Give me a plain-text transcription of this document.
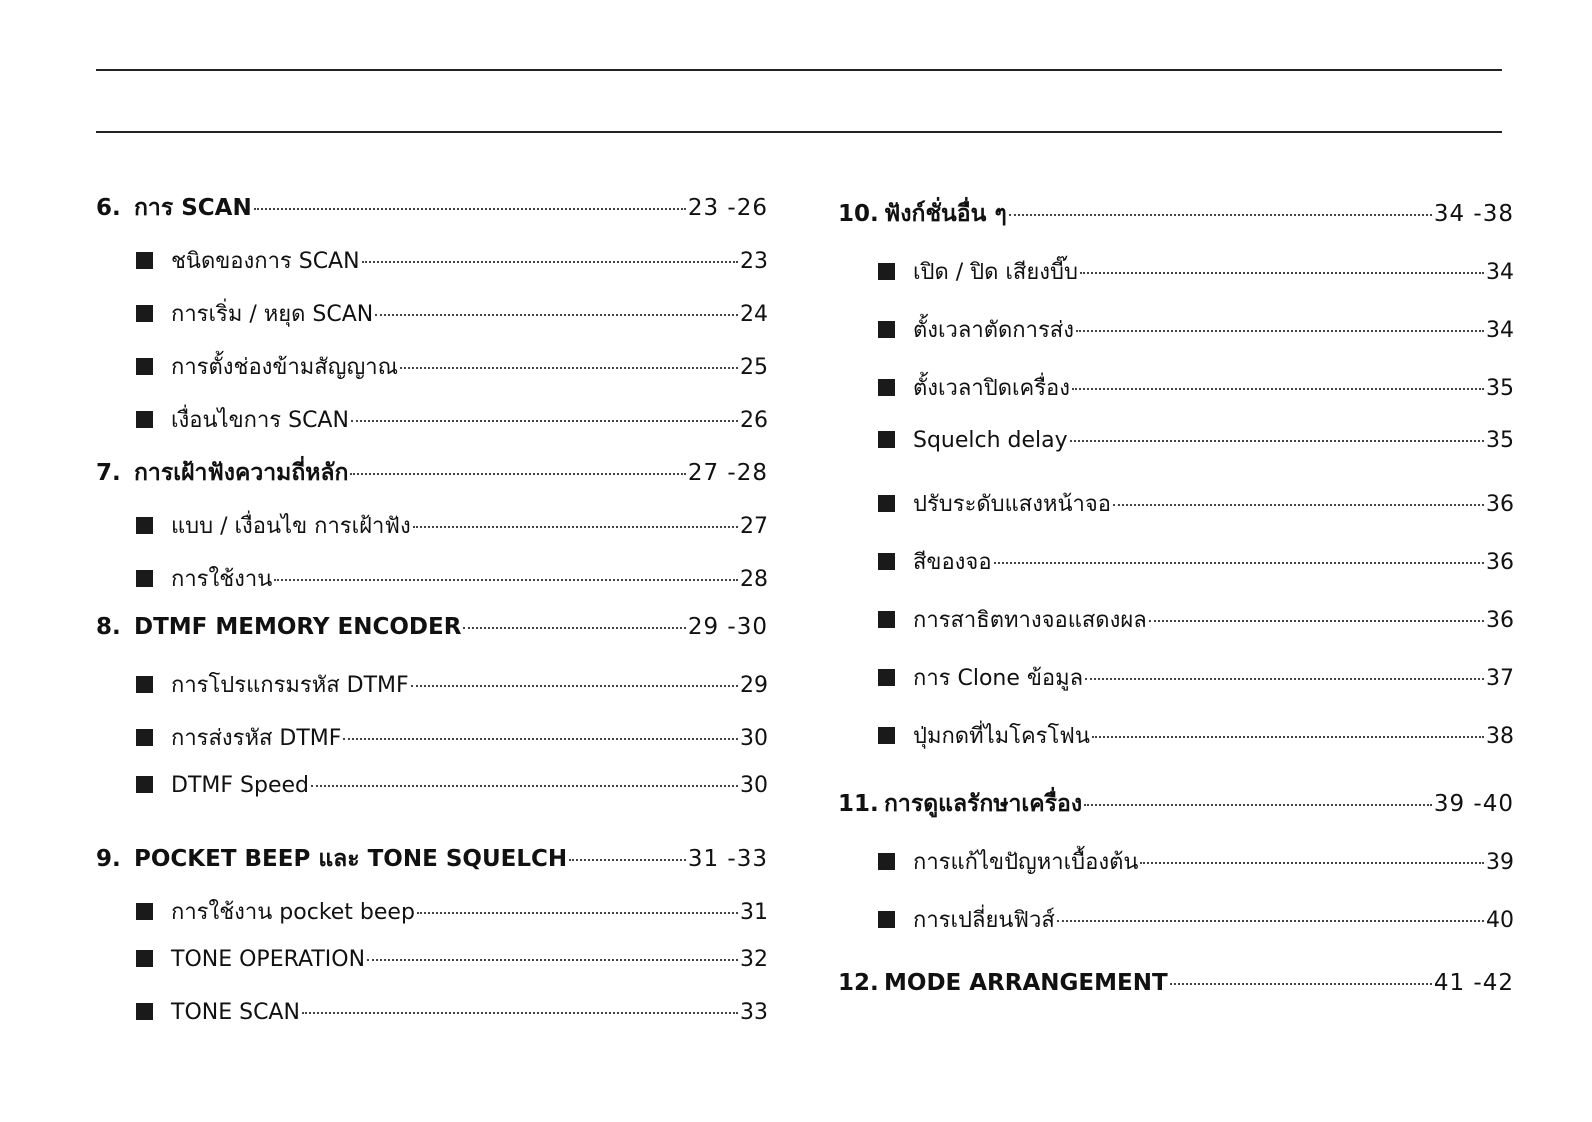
6. การ SCAN	23 -26
ชนิดของการ SCAN	23
การเริ่ม / หยุด SCAN	24
การตั้งช่องข้ามสัญญาณ	25
เงื่อนไขการ SCAN	26
7. การเฝ้าฟังความถี่หลัก	27 -28
แบบ / เงื่อนไข การเฝ้าฟัง	27
การใช้งาน	28
8. DTMF MEMORY ENCODER	29 -30
การโปรแกรมรหัส DTMF	29
การส่งรหัส DTMF	30
DTMF Speed	30
9. POCKET BEEP และ TONE SQUELCH	31 -33
การใช้งาน pocket beep	31
TONE OPERATION	32
TONE SCAN	33
10. ฟังก์ชั่นอื่น ๆ	34 -38
เปิด / ปิด เสียงบี๊บ	34
ตั้งเวลาตัดการส่ง	34
ตั้งเวลาปิดเครื่อง	35
Squelch delay	35
ปรับระดับแสงหน้าจอ	36
สีของจอ	36
การสาธิตทางจอแสดงผล	36
การ Clone ข้อมูล	37
ปุ่มกดที่ไมโครโฟน	38
11. การดูแลรักษาเครื่อง	39 -40
การแก้ไขปัญหาเบื้องต้น	39
การเปลี่ยนฟิวส์	40
12. MODE ARRANGEMENT	41 -42
